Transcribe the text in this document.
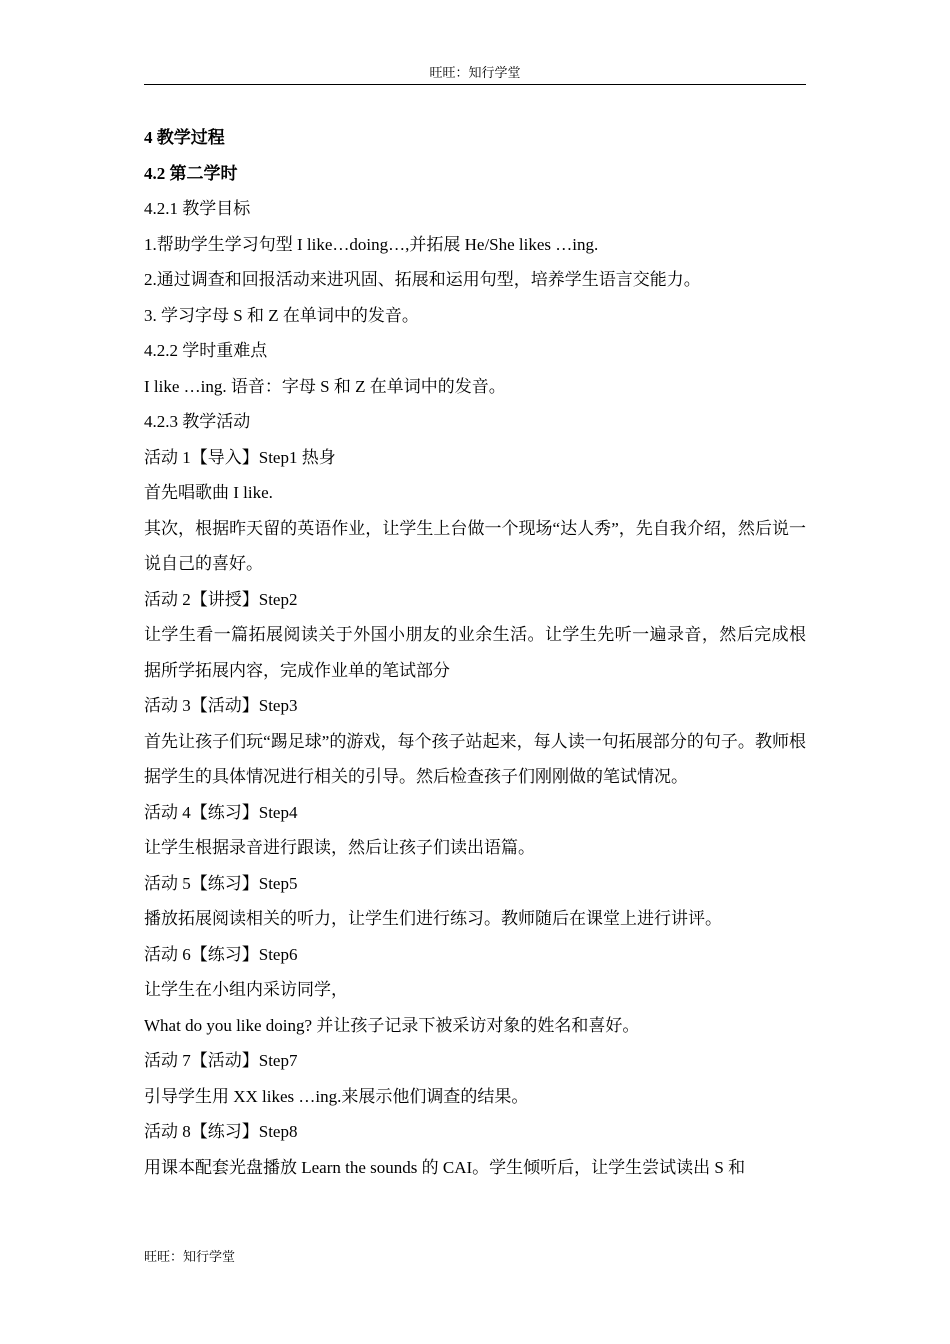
旺旺：知行学堂
4 教学过程
4.2 第二学时
4.2.1 教学目标
1.帮助学生学习句型 I like…doing…,并拓展 He/She likes …ing.
2.通过调查和回报活动来进巩固、拓展和运用句型，培养学生语言交能力。
3. 学习字母 S 和 Z 在单词中的发音。
4.2.2 学时重难点
I like …ing. 语音：字母 S 和 Z 在单词中的发音。
4.2.3 教学活动
活动 1【导入】Step1 热身
首先唱歌曲 I like.
其次，根据昨天留的英语作业，让学生上台做一个现场“达人秀”，先自我介绍，然后说一说自己的喜好。
活动 2【讲授】Step2
让学生看一篇拓展阅读关于外国小朋友的业余生活。让学生先听一遍录音，然后完成根据所学拓展内容，完成作业单的笔试部分
活动 3【活动】Step3
首先让孩子们玩“踢足球”的游戏，每个孩子站起来，每人读一句拓展部分的句子。教师根据学生的具体情况进行相关的引导。然后检查孩子们刚刚做的笔试情况。
活动 4【练习】Step4
让学生根据录音进行跟读，然后让孩子们读出语篇。
活动 5【练习】Step5
播放拓展阅读相关的听力，让学生们进行练习。教师随后在课堂上进行讲评。
活动 6【练习】Step6
让学生在小组内采访同学，
What do you like doing? 并让孩子记录下被采访对象的姓名和喜好。
活动 7【活动】Step7
引导学生用 XX likes …ing.来展示他们调查的结果。
活动 8【练习】Step8
用课本配套光盘播放 Learn the sounds 的 CAI。学生倾听后，让学生尝试读出 S 和
旺旺：知行学堂
